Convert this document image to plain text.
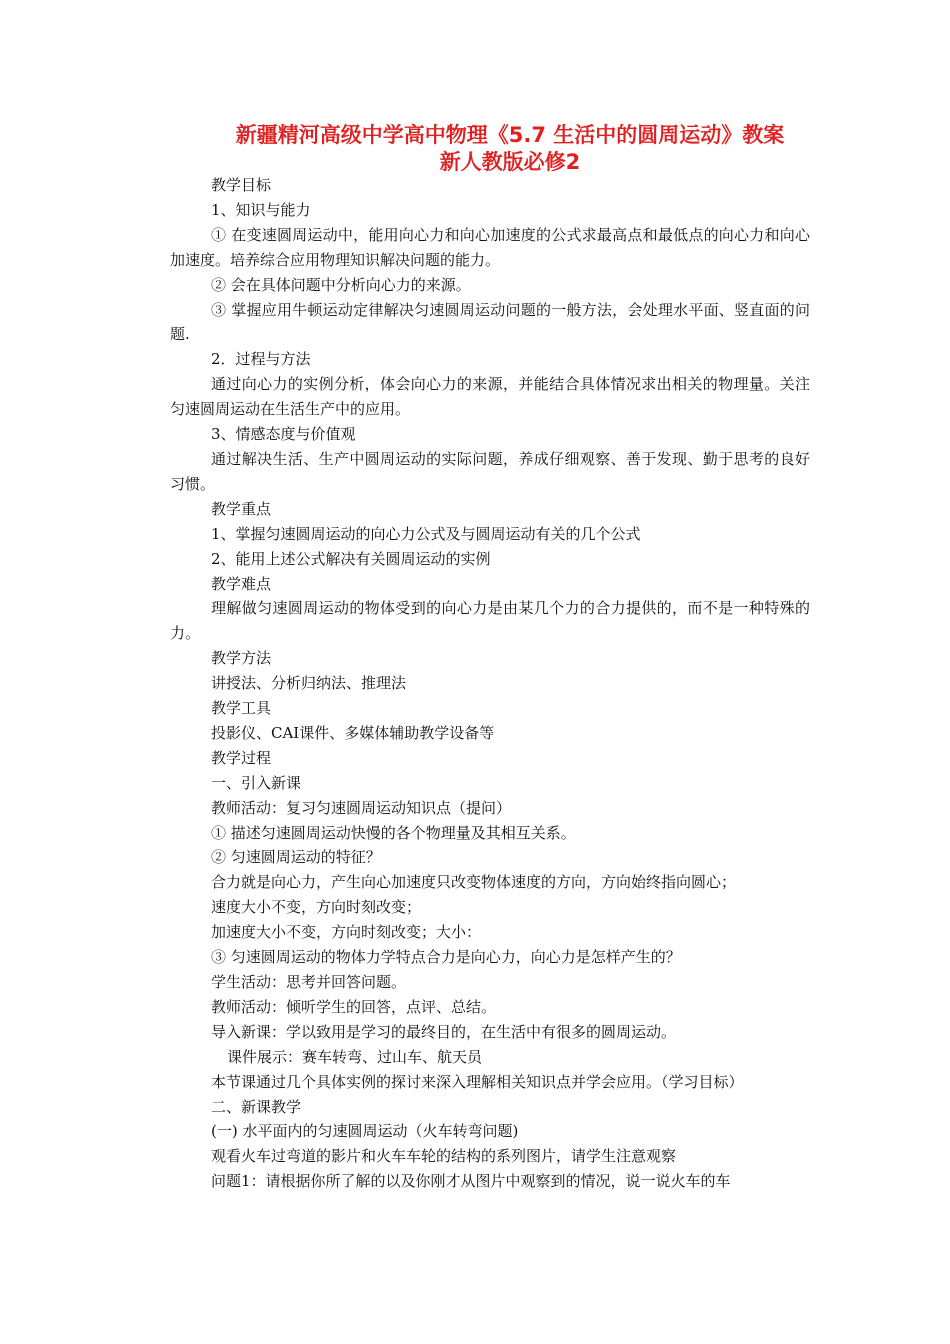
新疆精河高级中学高中物理《5.7 生活中的圆周运动》教案
新人教版必修2

教学目标

1、知识与能力

① 在变速圆周运动中，能用向心力和向心加速度的公式求最高点和最低点的向心力和向心加速度。培养综合应用物理知识解决问题的能力。

② 会在具体问题中分析向心力的来源。

③ 掌握应用牛顿运动定律解决匀速圆周运动问题的一般方法，会处理水平面、竖直面的问题.

2．过程与方法

通过向心力的实例分析，体会向心力的来源，并能结合具体情况求出相关的物理量。关注匀速圆周运动在生活生产中的应用。

3、情感态度与价值观

通过解决生活、生产中圆周运动的实际问题，养成仔细观察、善于发现、勤于思考的良好习惯。

教学重点

1、掌握匀速圆周运动的向心力公式及与圆周运动有关的几个公式

2、能用上述公式解决有关圆周运动的实例

教学难点

理解做匀速圆周运动的物体受到的向心力是由某几个力的合力提供的，而不是一种特殊的力。

教学方法

讲授法、分析归纳法、推理法

教学工具

投影仪、CAI课件、多媒体辅助教学设备等

教学过程

一、引入新课

教师活动：复习匀速圆周运动知识点（提问）

① 描述匀速圆周运动快慢的各个物理量及其相互关系。

② 匀速圆周运动的特征？

合力就是向心力，产生向心加速度只改变物体速度的方向，方向始终指向圆心；

速度大小不变，方向时刻改变；

加速度大小不变，方向时刻改变；大小：

③ 匀速圆周运动的物体力学特点合力是向心力，向心力是怎样产生的？

学生活动：思考并回答问题。

教师活动：倾听学生的回答，点评、总结。

导入新课：学以致用是学习的最终目的，在生活中有很多的圆周运动。

课件展示：赛车转弯、过山车、航天员

本节课通过几个具体实例的探讨来深入理解相关知识点并学会应用。（学习目标）

二、新课教学

(一) 水平面内的匀速圆周运动（火车转弯问题)

观看火车过弯道的影片和火车车轮的结构的系列图片，请学生注意观察

问题1：请根据你所了解的以及你刚才从图片中观察到的情况，说一说火车的车
